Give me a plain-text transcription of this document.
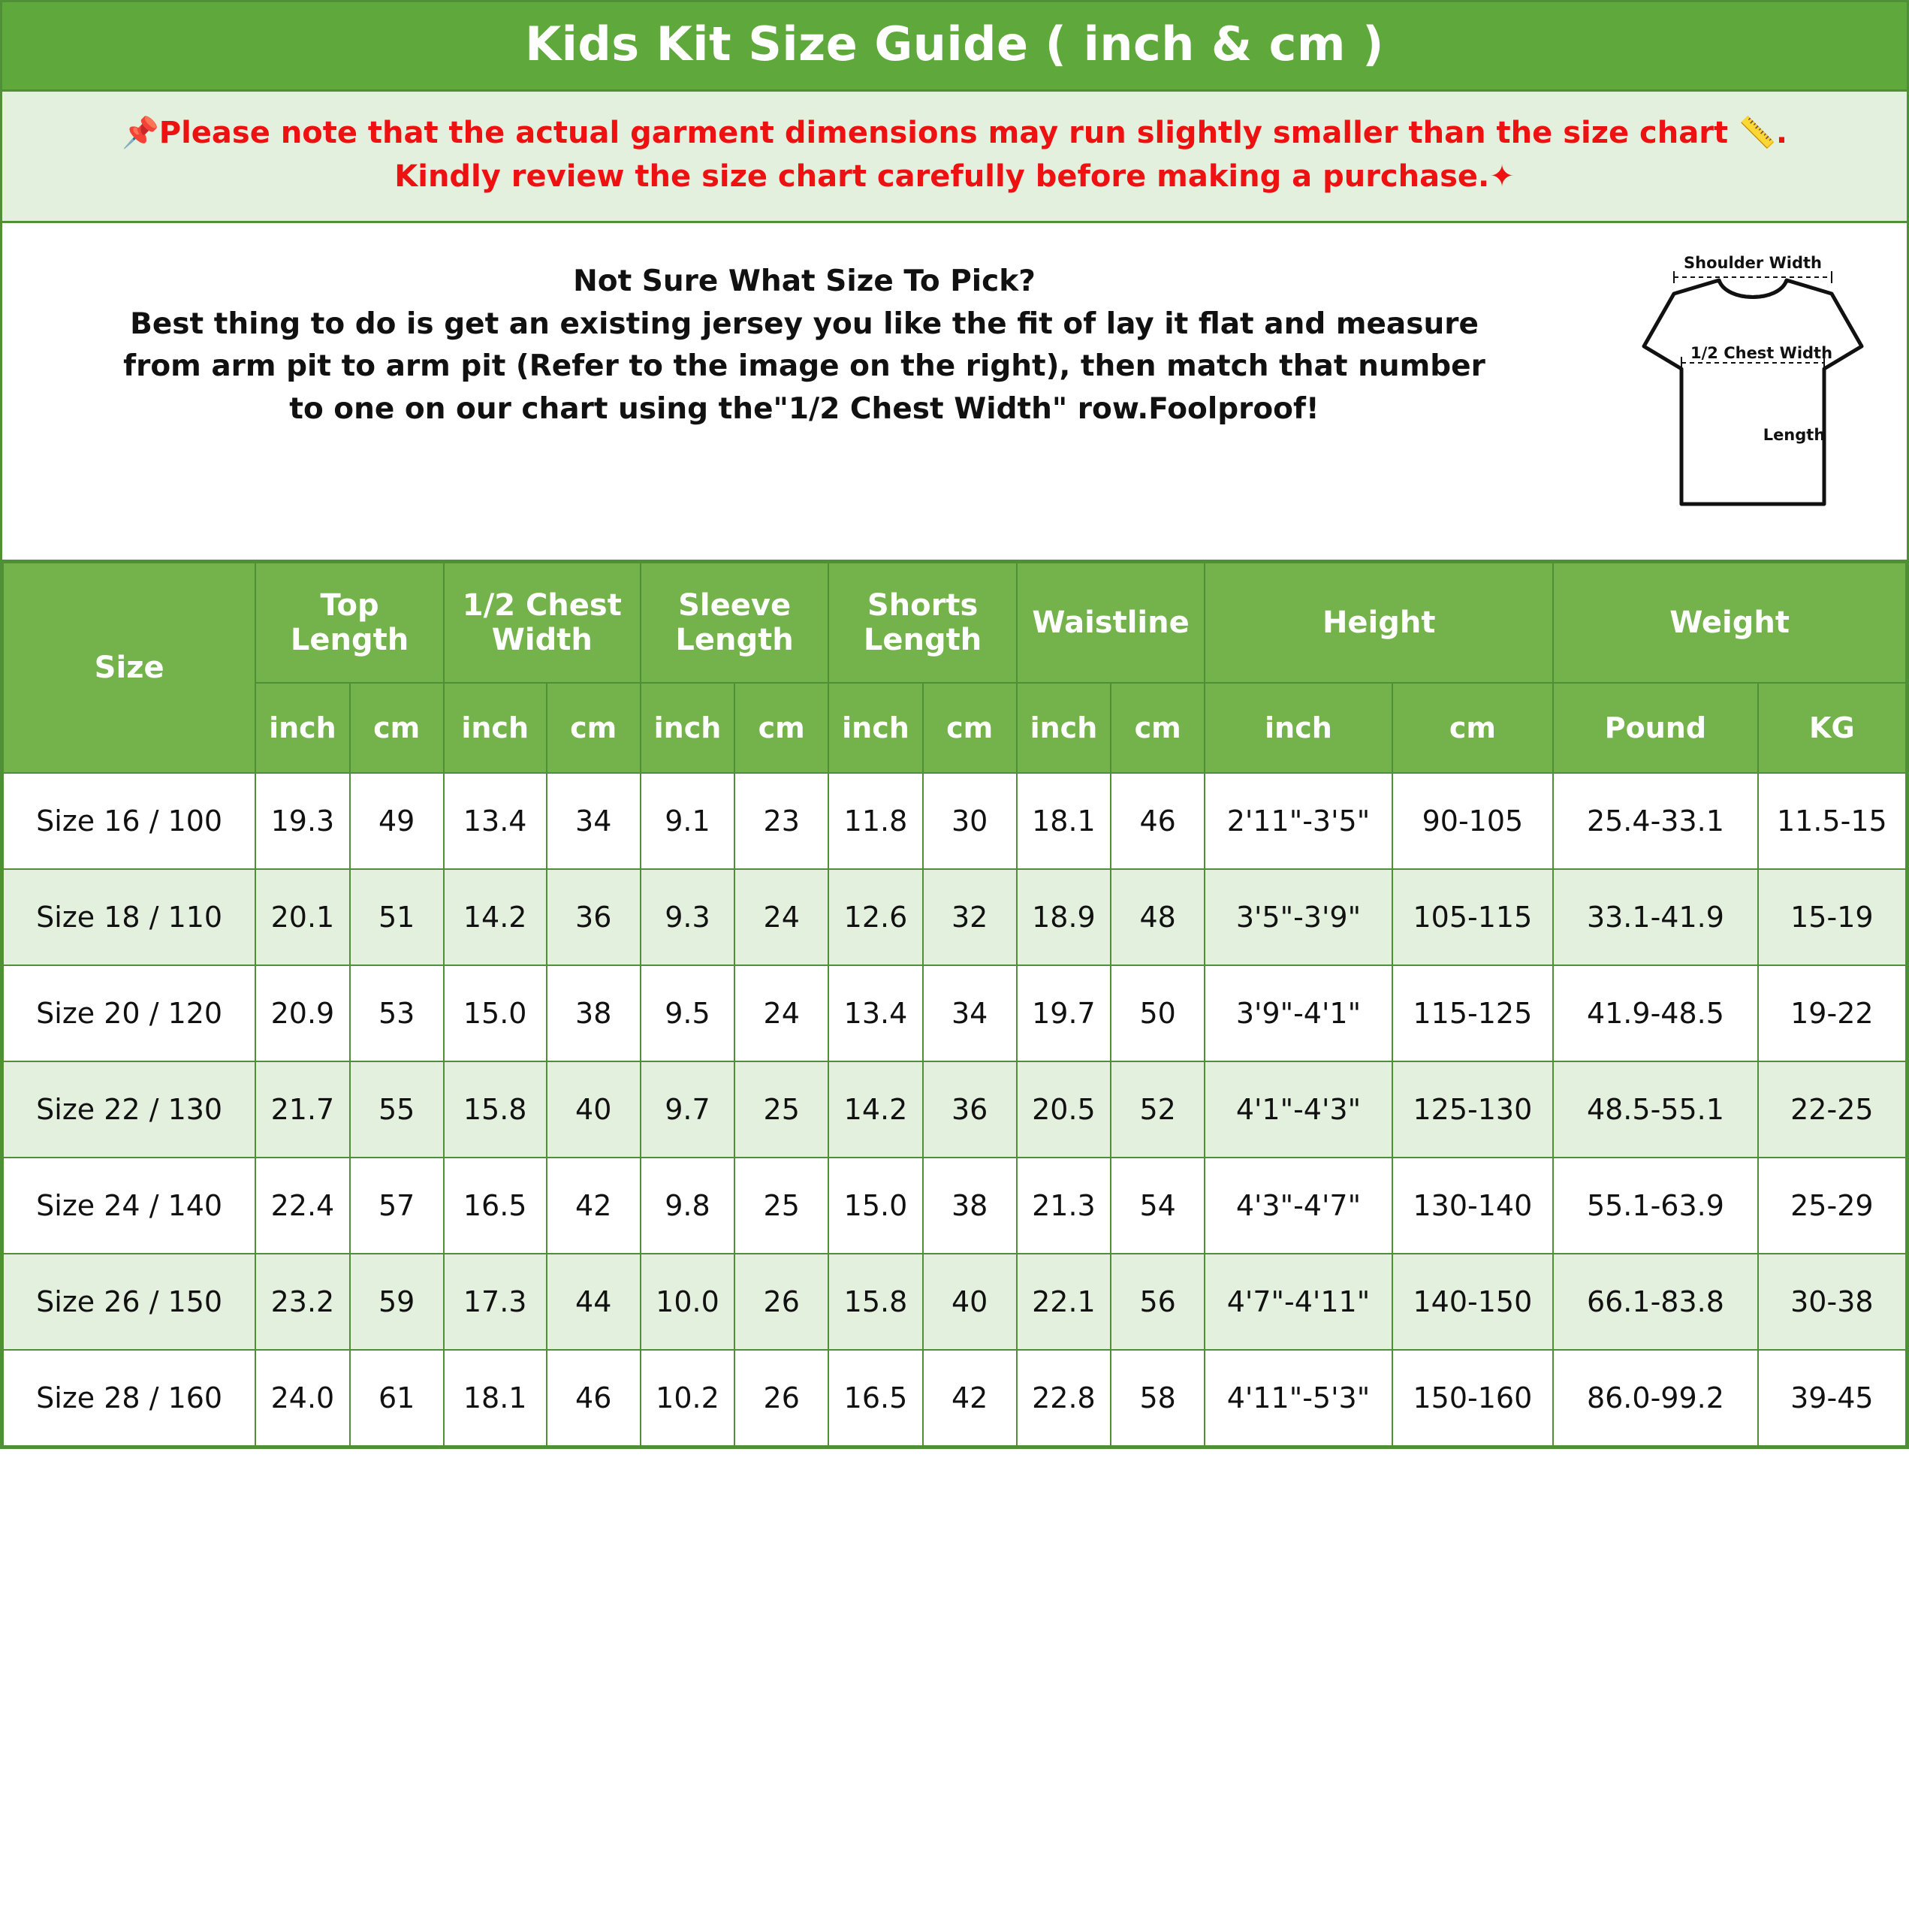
Kids Kit Size Guide ( inch & cm )
📌Please note that the actual garment dimensions may run slightly smaller than the size chart 📏.
Kindly review the size chart carefully before making a purchase.✦
Not Sure What Size To Pick?
Best thing to do is get an existing jersey you like the fit of lay it flat and measure
from arm pit to arm pit (Refer to the image on the right), then match that number
to one on our chart using the"1/2 Chest Width" row.Foolproof!
Shoulder Width
1/2 Chest Width
Length
Size	Top Length		1/2 Chest Width		Sleeve Length		Shorts Length		Waistline		Height		Weight	
	inch	cm	inch	cm	inch	cm	inch	cm	inch	cm	inch	cm	Pound	KG
Size 16 / 100	19.3	49	13.4	34	9.1	23	11.8	30	18.1	46	2'11"-3'5"	90-105	25.4-33.1	11.5-15
Size 18 / 110	20.1	51	14.2	36	9.3	24	12.6	32	18.9	48	3'5"-3'9"	105-115	33.1-41.9	15-19
Size 20 / 120	20.9	53	15.0	38	9.5	24	13.4	34	19.7	50	3'9"-4'1"	115-125	41.9-48.5	19-22
Size 22 / 130	21.7	55	15.8	40	9.7	25	14.2	36	20.5	52	4'1"-4'3"	125-130	48.5-55.1	22-25
Size 24 / 140	22.4	57	16.5	42	9.8	25	15.0	38	21.3	54	4'3"-4'7"	130-140	55.1-63.9	25-29
Size 26 / 150	23.2	59	17.3	44	10.0	26	15.8	40	22.1	56	4'7"-4'11"	140-150	66.1-83.8	30-38
Size 28 / 160	24.0	61	18.1	46	10.2	26	16.5	42	22.8	58	4'11"-5'3"	150-160	86.0-99.2	39-45
